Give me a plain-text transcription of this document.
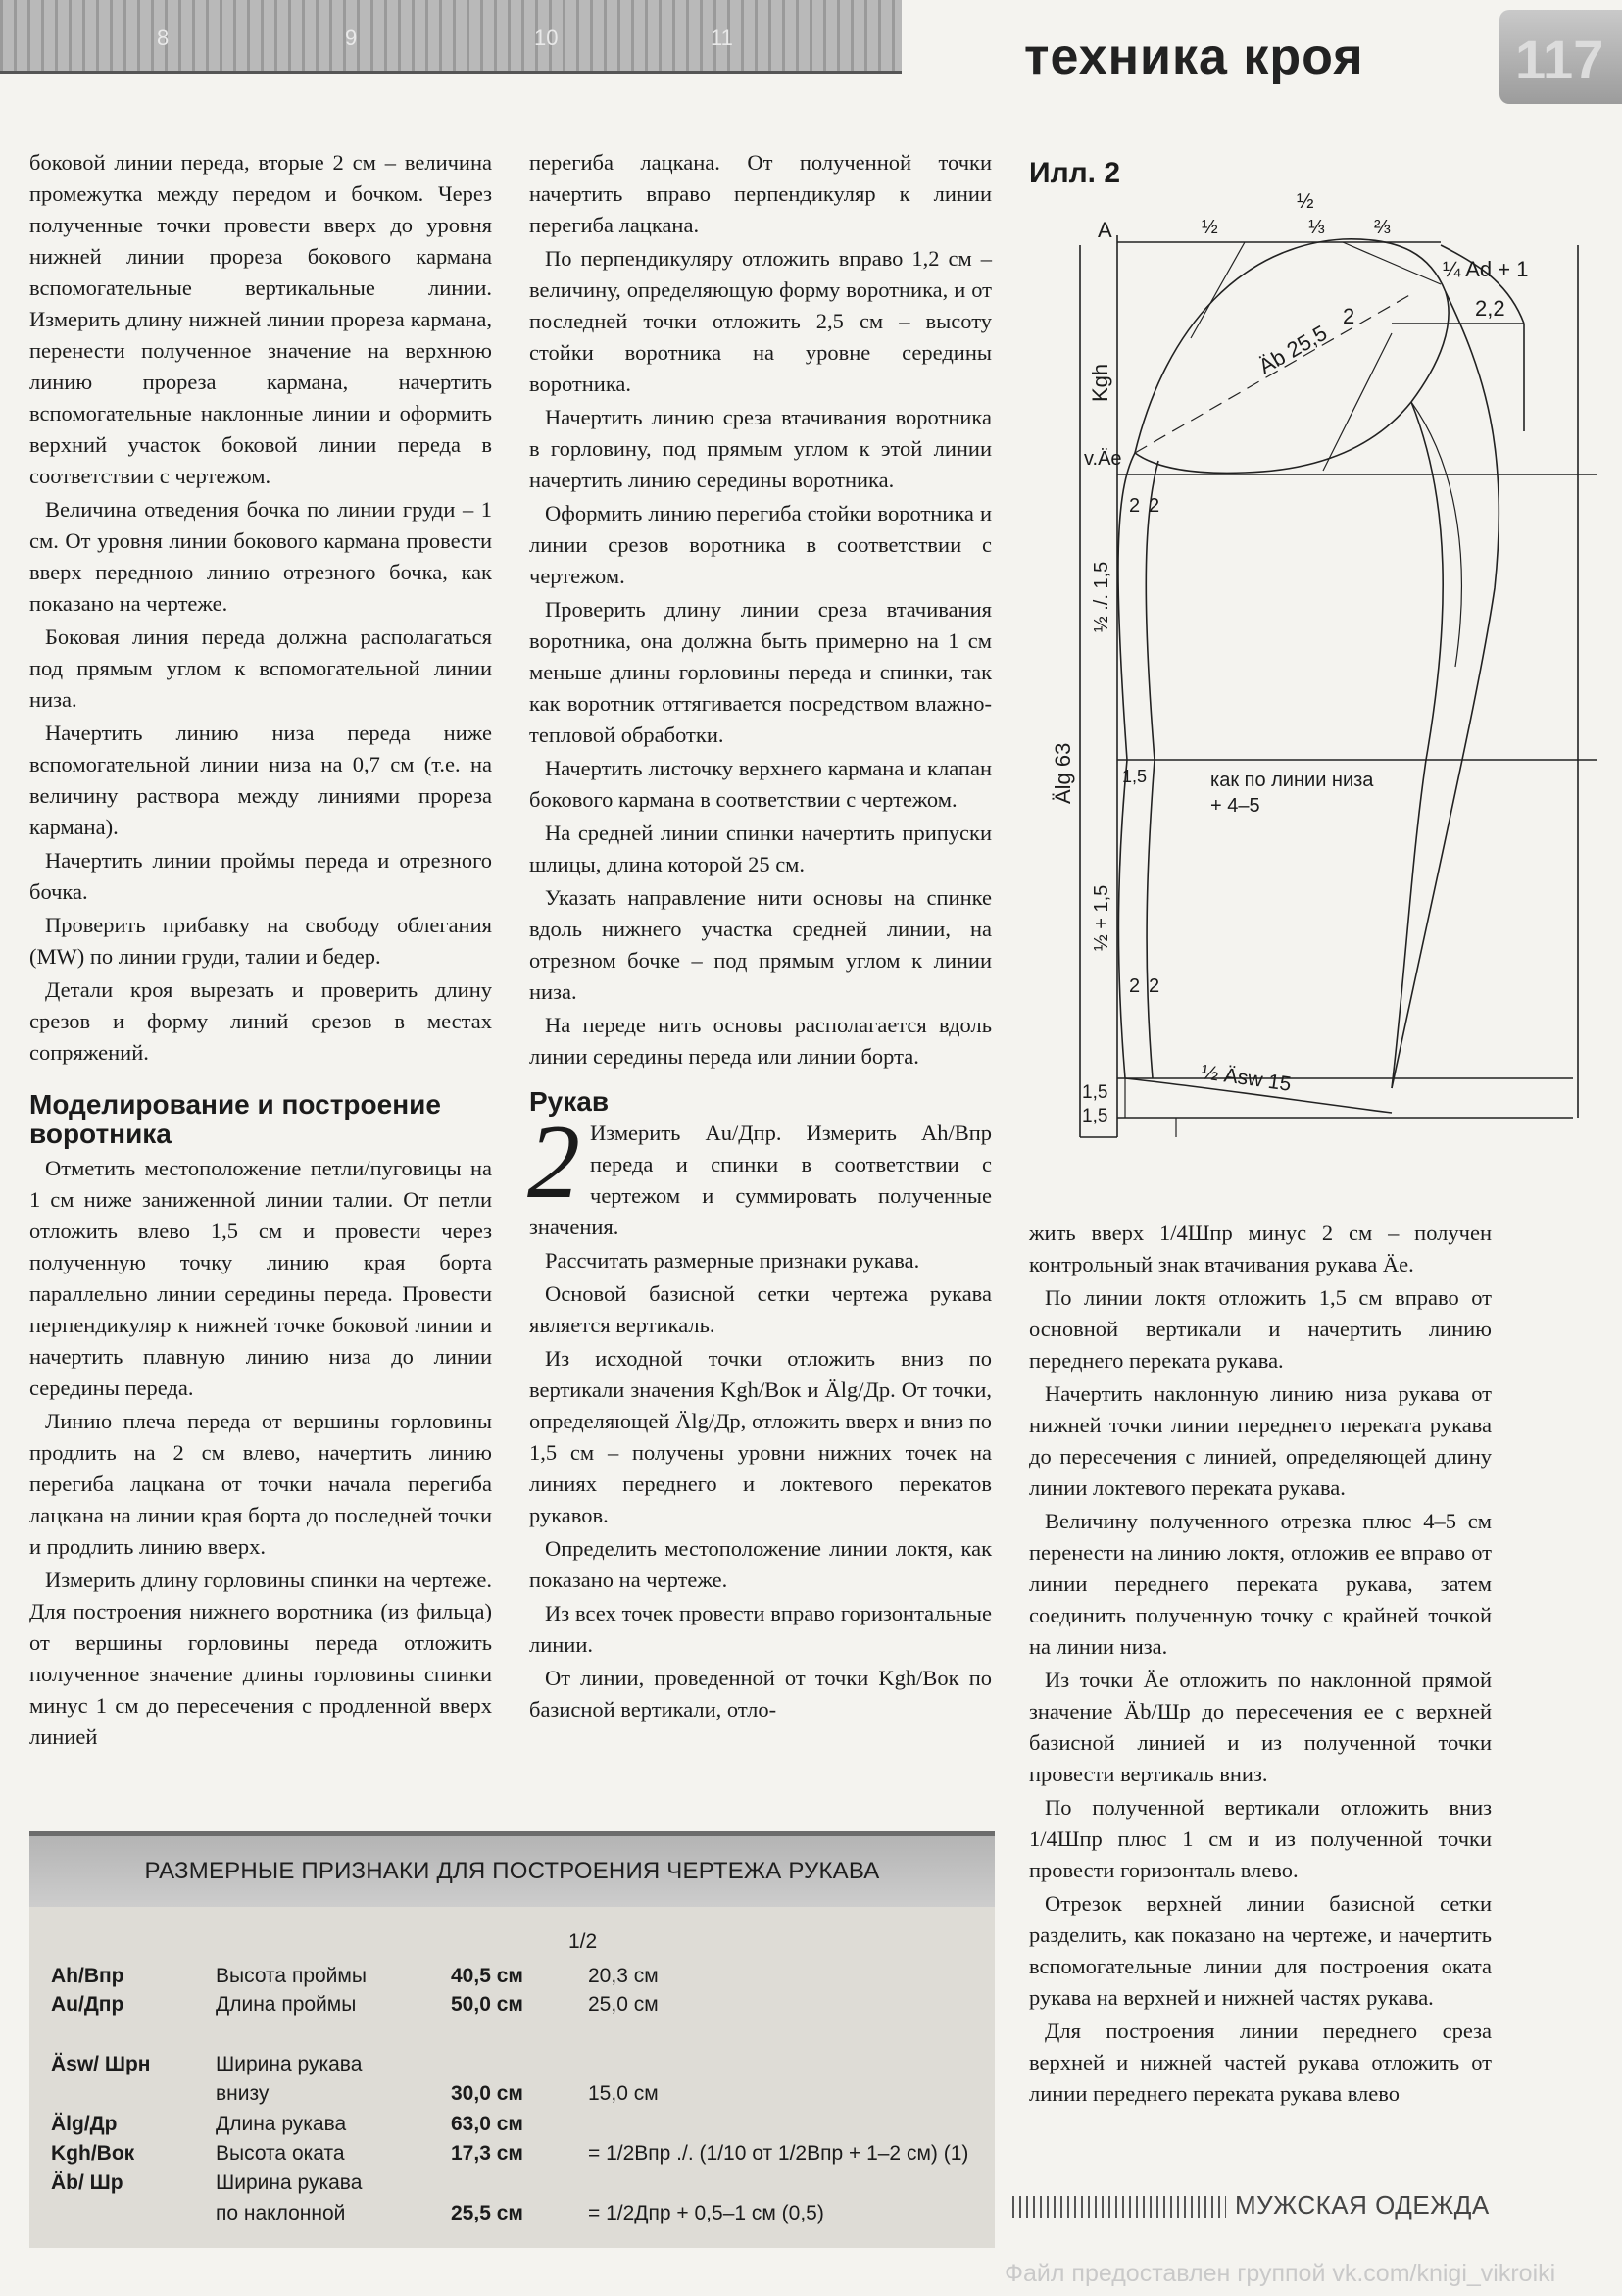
8	9	10	11	техника кроя	117

боковой линии переда, вторые 2 см – величина промежутка между передом и бочком. Через полученные точки провести вверх до уровня нижней линии прореза бокового кармана вспомогательные вертикальные линии. Измерить длину нижней линии прореза кармана, перенести полученное значение на верхнюю линию прореза кармана, начертить вспомогательные наклонные линии и оформить верхний участок боковой линии переда в соответствии с чертежом.

Величина отведения бочка по линии груди – 1 см. От уровня линии бокового кармана провести вверх переднюю линию отрезного бочка, как показано на чертеже.

Боковая линия переда должна располагаться под прямым углом к вспомогательной линии низа.

Начертить линию низа переда ниже вспомогательной линии низа на 0,7 см (т.е. на величину раствора между линиями прореза кармана).

Начертить линии проймы переда и отрезного бочка.

Проверить прибавку на свободу облегания (MW) по линии груди, талии и бедер.

Детали кроя вырезать и проверить длину срезов и форму линий срезов в местах сопряжений.

Моделирование и построение воротника

Отметить местоположение петли/пуговицы на 1 см ниже заниженной линии талии. От петли отложить влево 1,5 см и провести через полученную точку линию края борта параллельно линии середины переда. Провести перпендикуляр к нижней точке боковой линии и начертить плавную линию низа до линии середины переда.

Линию плеча переда от вершины горловины продлить на 2 см влево, начертить линию перегиба лацкана от точки начала перегиба лацкана на линии края борта до последней точки и продлить линию вверх.

Измерить длину горловины спинки на чертеже. Для построения нижнего воротника (из фильца) от вершины горловины переда отложить полученное значение длины горловины спинки минус 1 см до пересечения с продленной вверх линией

перегиба лацкана. От полученной точки начертить вправо перпендикуляр к линии перегиба лацкана.

По перпендикуляру отложить вправо 1,2 см – величину, определяющую форму воротника, и от последней точки отложить 2,5 см – высоту стойки воротника на уровне середины воротника.

Начертить линию среза втачивания воротника в горловину, под прямым углом к этой линии начертить линию середины воротника.

Оформить линию перегиба стойки воротника и линии срезов воротника в соответствии с чертежом.

Проверить длину линии среза втачивания воротника, она должна быть примерно на 1 см меньше длины горловины переда и спинки, так как воротник оттягивается посредством влажно-тепловой обработки.

Начертить листочку верхнего кармана и клапан бокового кармана в соответствии с чертежом.

На средней линии спинки начертить припуски шлицы, длина которой 25 см.

Указать направление нити основы на спинке вдоль нижнего участка средней линии, на отрезном бочке – под прямым углом к линии низа.

На переде нить основы располагается вдоль линии середины переда или линии борта.

Рукав

2 Измерить Au/Дпр. Измерить Ah/Впр переда и спинки в соответствии с чертежом и суммировать полученные значения.

Рассчитать размерные признаки рукава.

Основой базисной сетки чертежа рукава является вертикаль.

Из исходной точки отложить вниз по вертикали значения Kgh/Вок и Älg/Др. От точки, определяющей Älg/Др, отложить вверх и вниз по 1,5 см – получены уровни нижних точек на линиях переднего и локтевого перекатов рукавов.

Определить местоположение линии локтя, как показано на чертеже.

Из всех точек провести вправо горизонтальные линии.

От линии, проведенной от точки Kgh/Вок по базисной вертикали, отло-

Илл. 2
½
½	⅓	⅔
A
¼ Ad + 1
2,2
2
Äb 25,5
Kgh
v.Äe
2 2
½ ./. 1,5
Älg 63	1,5	как по линии низа
+ 4–5
½ + 1,5
2 2
½ Äsw 15
1,5
1,5

жить вверх 1/4Шпр минус 2 см – получен контрольный знак втачивания рукава Äe.

По линии локтя отложить 1,5 см вправо от основной вертикали и начертить линию переднего переката рукава.

Начертить наклонную линию низа рукава от нижней точки линии переднего переката рукава до пересечения с линией, определяющей длину линии локтевого переката рукава.

Величину полученного отрезка плюс 4–5 см перенести на линию локтя, отложив ее вправо от линии переднего переката рукава, затем соединить полученную точку с крайней точкой на линии низа.

Из точки Äe отложить по наклонной прямой значение Äb/Шр до пересечения ее с верхней базисной линией и из полученной точки провести вертикаль вниз.

По полученной вертикали отложить вниз 1/4Шпр плюс 1 см и из полученной точки провести горизонталь влево.

Отрезок верхней линии базисной сетки разделить, как показано на чертеже, и начертить вспомогательные линии для построения оката рукава на верхней и нижней частях рукава.

Для построения линии переднего среза верхней и нижней частей рукава отложить от линии переднего переката рукава влево

РАЗМЕРНЫЕ ПРИЗНАКИ ДЛЯ ПОСТРОЕНИЯ ЧЕРТЕЖА РУКАВА
1/2
Ah/Впр	Высота проймы	40,5 см	20,3 см
Au/Дпр	Длина проймы	50,0 см	25,0 см
Äsw/ Шрн	Ширина рукава
внизу	30,0 см	15,0 см
Älg/Др	Длина рукава	63,0 см
Kgh/Вок	Высота оката	17,3 см	= 1/2Впр ./. (1/10 от 1/2Впр + 1–2 см) (1)
Äb/ Шр	Ширина рукава
по наклонной	25,5 см	= 1/2Дпр + 0,5–1 см (0,5)	МУЖСКАЯ ОДЕЖДА
Файл предоставлен группой vk.com/knigi_vikroiki
